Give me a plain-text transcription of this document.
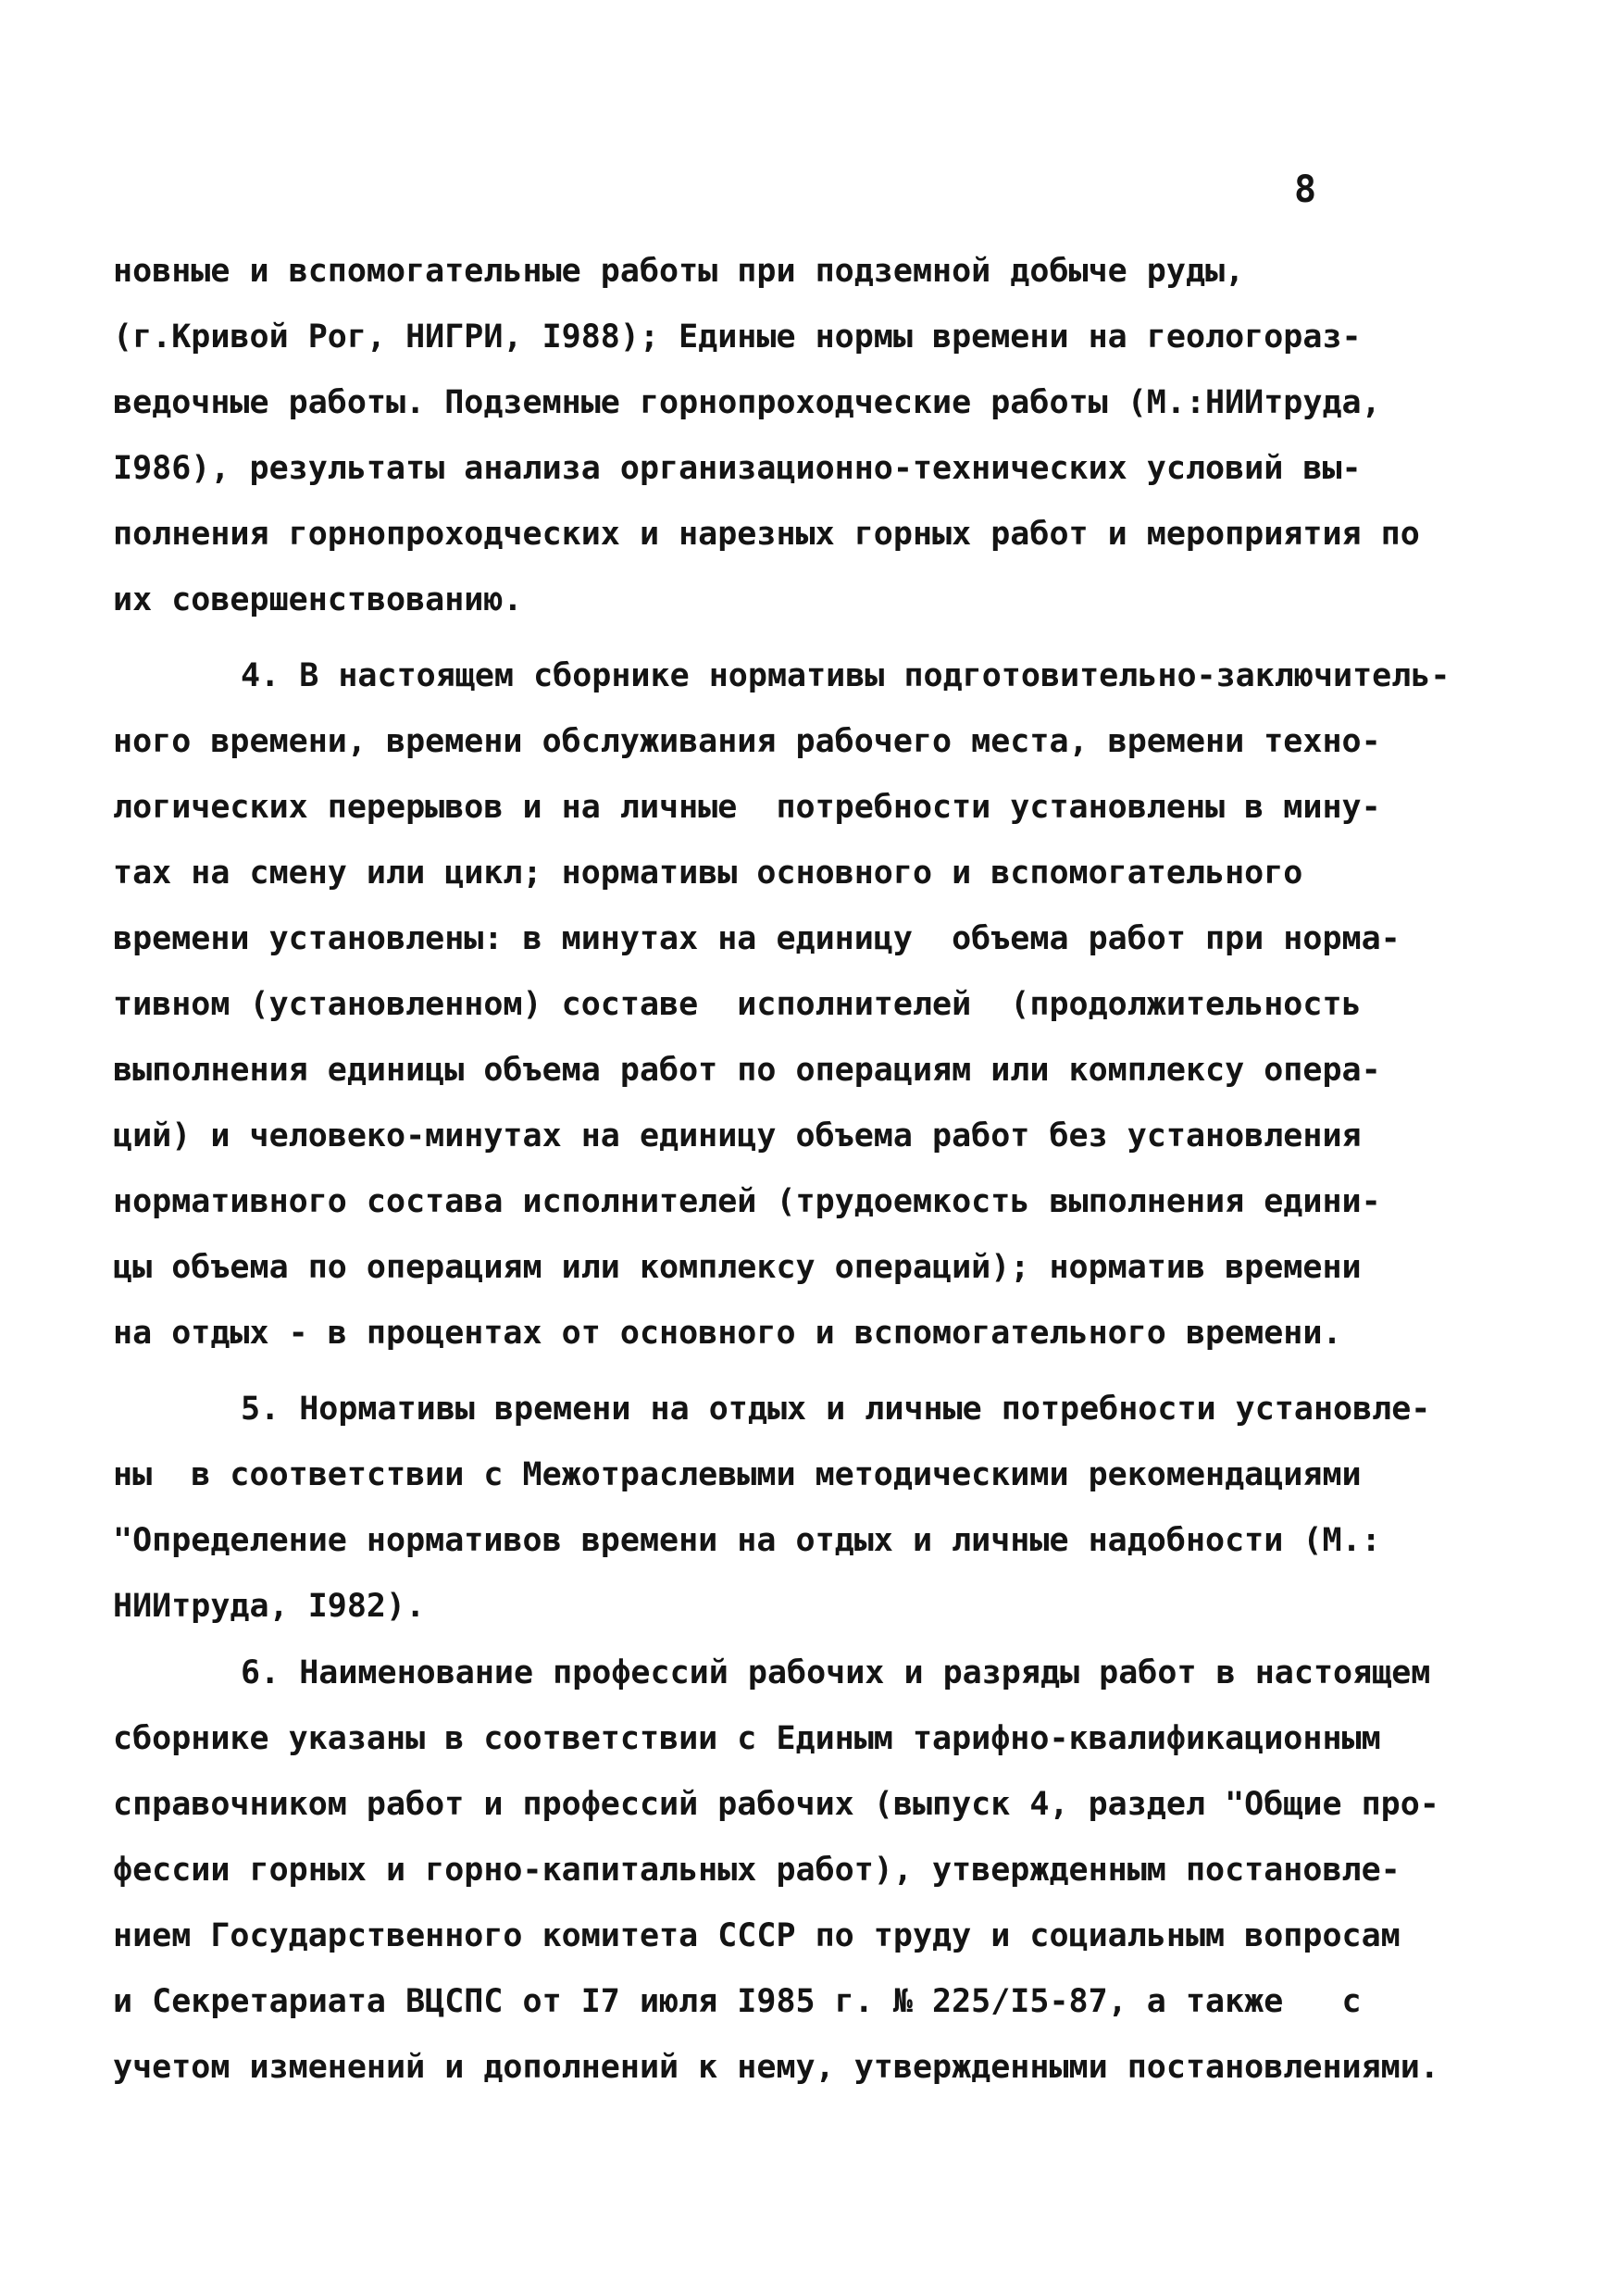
8
новные и вспомогательные работы при подземной добыче руды,
(г.Кривой Рог, НИГРИ, I988); Единые нормы времени на геологораз-
ведочные работы. Подземные горнопроходческие работы (М.:НИИтруда,
I986), результаты анализа организационно-технических условий вы-
полнения горнопроходческих и нарезных горных работ и мероприятия по
их совершенствованию.
4. В настоящем сборнике нормативы подготовительно-заключитель-
ного времени, времени обслуживания рабочего места, времени техно-
логических перерывов и на личные  потребности установлены в мину-
тах на смену или цикл; нормативы основного и вспомогательного
времени установлены: в минутах на единицу  объема работ при норма-
тивном (установленном) составе  исполнителей  (продолжительность
выполнения единицы объема работ по операциям или комплексу опера-
ций) и человеко-минутах на единицу объема работ без установления
нормативного состава исполнителей (трудоемкость выполнения едини-
цы объема по операциям или комплексу операций); норматив времени
на отдых - в процентах от основного и вспомогательного времени.
5. Нормативы времени на отдых и личные потребности установле-
ны  в соответствии с Межотраслевыми методическими рекомендациями
"Определение нормативов времени на отдых и личные надобности (М.:
НИИтруда, I982).
6. Наименование профессий рабочих и разряды работ в настоящем
сборнике указаны в соответствии с Единым тарифно-квалификационным
справочником работ и профессий рабочих (выпуск 4, раздел "Общие про-
фессии горных и горно-капитальных работ), утвержденным постановле-
нием Государственного комитета СССР по труду и социальным вопросам
и Секретариата ВЦСПС от I7 июля I985 г. № 225/I5-87, а также   с
учетом изменений и дополнений к нему, утвержденными постановлениями.
